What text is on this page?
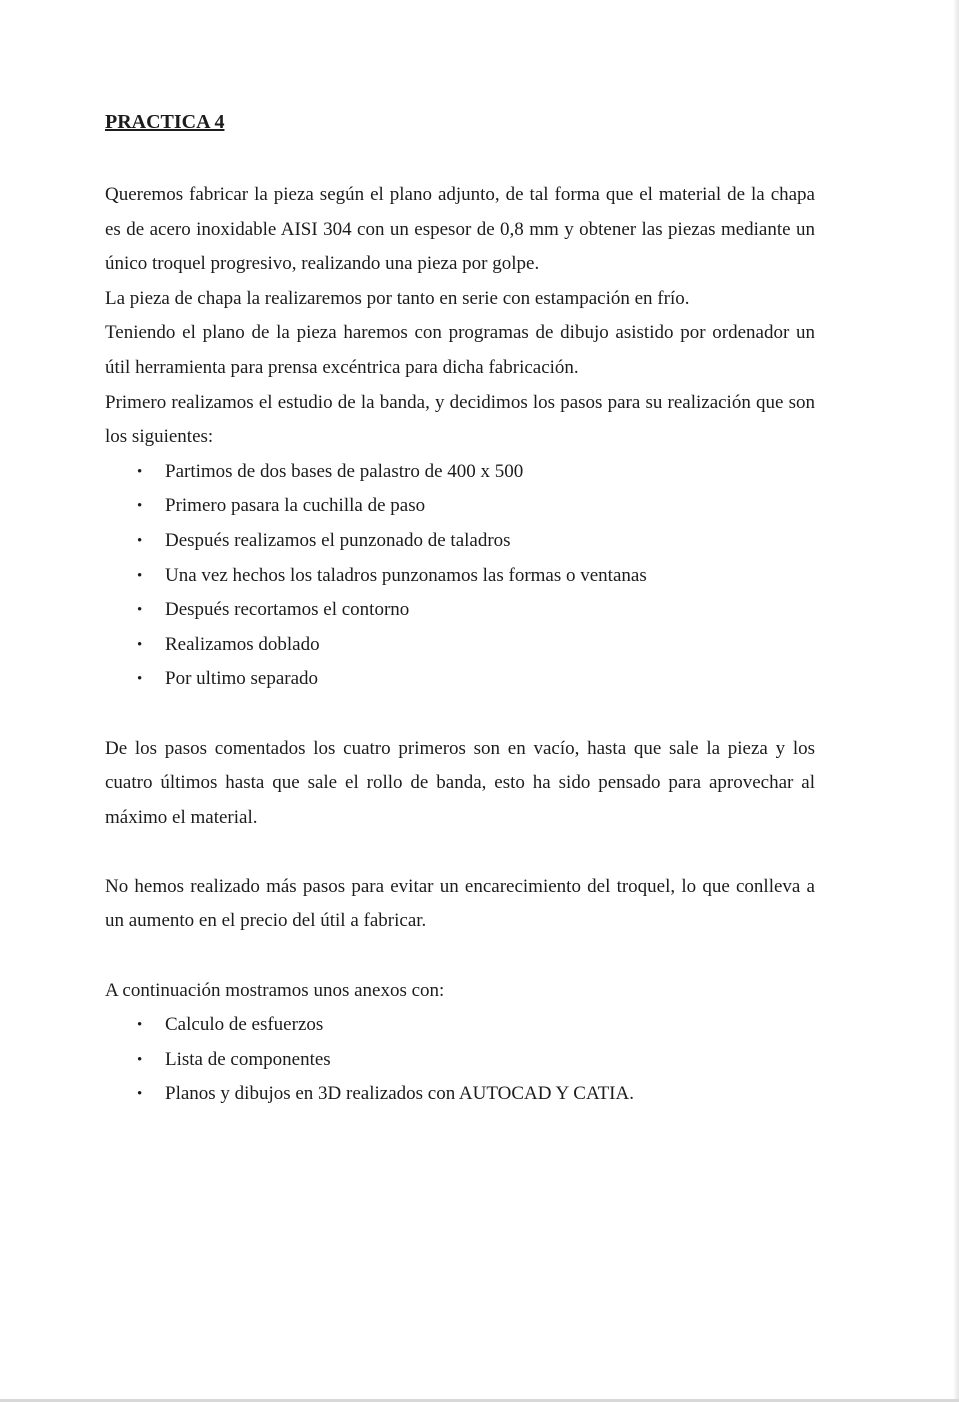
PRACTICA 4

Queremos fabricar la pieza según el plano adjunto, de tal forma que el material de la chapa es de acero inoxidable AISI 304 con un espesor de 0,8 mm y obtener las piezas mediante un único troquel progresivo, realizando una pieza por golpe.

La pieza de chapa la realizaremos por tanto en serie con estampación en frío.

Teniendo el plano de la pieza haremos con programas de dibujo asistido por ordenador un útil herramienta para prensa excéntrica para dicha fabricación.

Primero realizamos el estudio de la banda, y decidimos los pasos para su realización que son los siguientes:

• Partimos de dos bases de palastro de 400 x 500
• Primero pasara la cuchilla de paso
• Después realizamos el punzonado de taladros
• Una vez hechos los taladros punzonamos las formas o ventanas
• Después recortamos el contorno
• Realizamos doblado
• Por ultimo separado

De los pasos comentados los cuatro primeros son en vacío, hasta que sale la pieza y los cuatro últimos hasta que sale el rollo de banda, esto ha sido pensado para aprovechar al máximo el material.

No hemos realizado más pasos para evitar un encarecimiento del troquel, lo que conlleva a un aumento en el precio del útil a fabricar.

A continuación mostramos unos anexos con:

• Calculo de esfuerzos
• Lista de componentes
• Planos y dibujos en 3D realizados con AUTOCAD Y CATIA.
